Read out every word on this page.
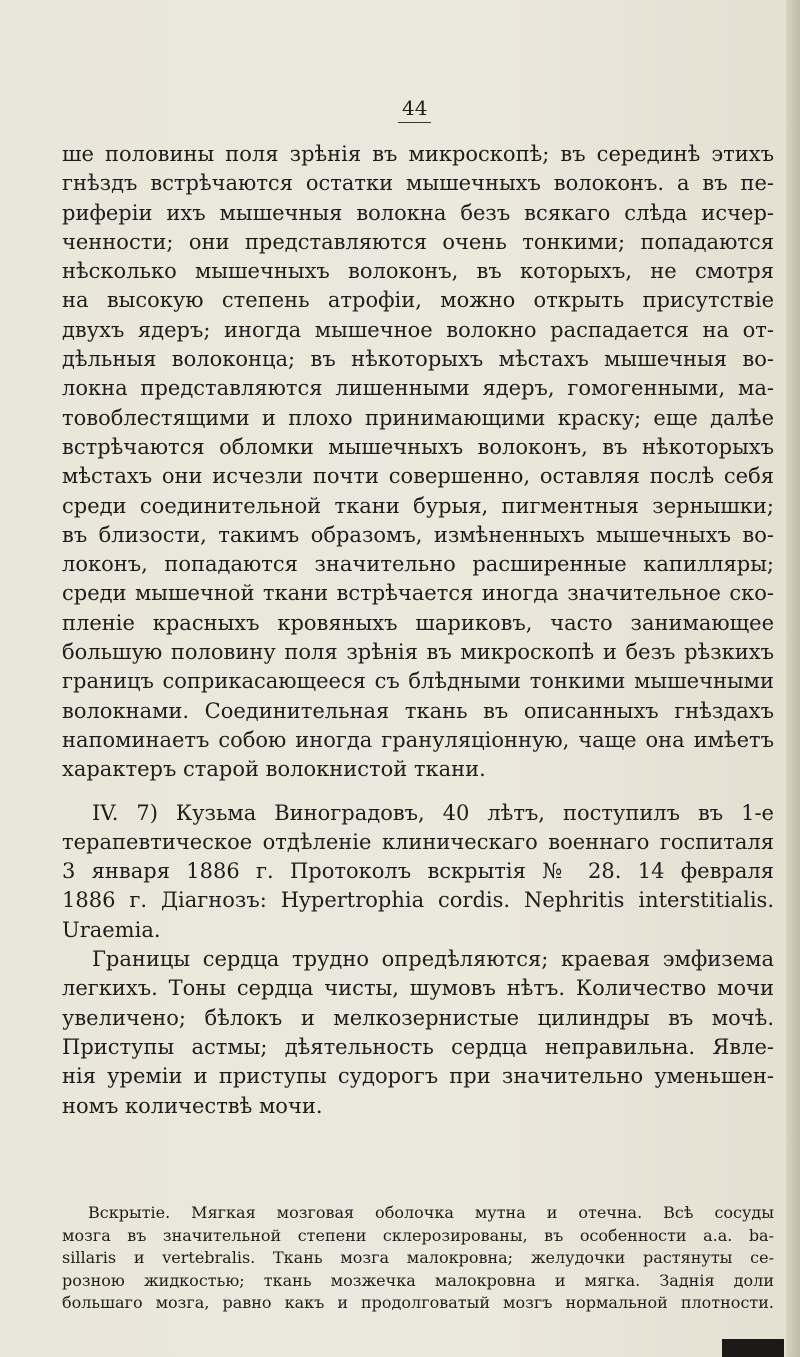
44

ше половины поля зрѣнія въ микроскопѣ; въ серединѣ этихъ
гнѣздъ встрѣчаются остатки мышечныхъ волоконъ. а въ пе-
риферіи ихъ мышечныя волокна безъ всякаго слѣда исчер-
ченности; они представляются очень тонкими; попадаются
нѣсколько мышечныхъ волоконъ, въ которыхъ, не смотря
на высокую степень атрофіи, можно открыть присутствіе
двухъ ядеръ; иногда мышечное волокно распадается на от-
дѣльныя волоконца; въ нѣкоторыхъ мѣстахъ мышечныя во-
локна представляются лишенными ядеръ, гомогенными, ма-
товоблестящими и плохо принимающими краску; еще далѣе
встрѣчаются обломки мышечныхъ волоконъ, въ нѣкоторыхъ
мѣстахъ они исчезли почти совершенно, оставляя послѣ себя
среди соединительной ткани бурыя, пигментныя зернышки;
въ близости, такимъ образомъ, измѣненныхъ мышечныхъ во-
локонъ, попадаются значительно расширенные капилляры;
среди мышечной ткани встрѣчается иногда значительное ско-
пленіе красныхъ кровяныхъ шариковъ, часто занимающее
большую половину поля зрѣнія въ микроскопѣ и безъ рѣзкихъ
границъ соприкасающееся съ блѣдными тонкими мышечными
волокнами. Соединительная ткань въ описанныхъ гнѣздахъ
напоминаетъ собою иногда грануляціонную, чаще она имѣетъ
характеръ старой волокнистой ткани.

IV. 7) Кузьма Виноградовъ, 40 лѣтъ, поступилъ въ 1-е

терапевтическое отдѣленіе клиническаго военнаго госпиталя
3 января 1886 г. Протоколъ вскрытія № 28. 14 февраля
1886 г. Діагнозъ: Hypertrophia cordis. Nephritis interstitialis.
Uraemia.

Границы сердца трудно опредѣляются; краевая эмфизема

легкихъ. Тоны сердца чисты, шумовъ нѣтъ. Количество мочи
увеличено; бѣлокъ и мелкозернистые цилиндры въ мочѣ.
Приступы астмы; дѣятельность сердца неправильна. Явле-
нія уреміи и приступы судорогъ при значительно уменьшен-
номъ количествѣ мочи.

Вскрытіе. Мягкая мозговая оболочка мутна и отечна. Всѣ сосуды
мозга въ значительной степени склерозированы, въ особенности a.a. ba-
sillaris и vertebralis. Ткань мозга малокровна; желудочки растянуты се-
розною жидкостью; ткань мозжечка малокровна и мягка. Заднія доли
большаго мозга, равно какъ и продолговатый мозгъ нормальной плотности.
